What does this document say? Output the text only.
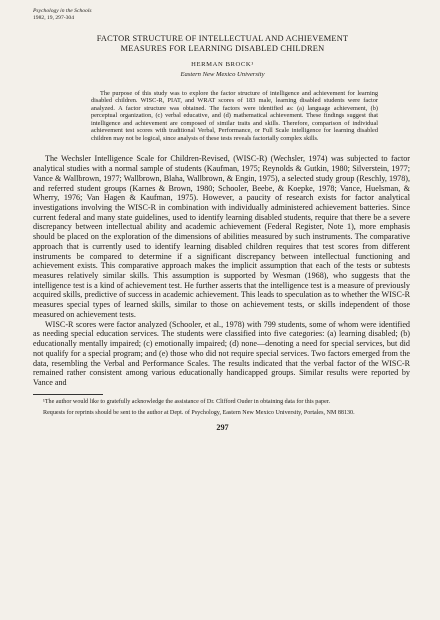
Psychology in the Schools
1982, 19, 297-304
FACTOR STRUCTURE OF INTELLECTUAL AND ACHIEVEMENT
MEASURES FOR LEARNING DISABLED CHILDREN
HERMAN BROCK¹
Eastern New Mexico University
The purpose of this study was to explore the factor structure of intelligence and achievement for learning disabled children. WISC-R, PIAT, and WRAT scores of 183 male, learning disabled students were factor analyzed. A factor structure was obtained. The factors were identified as: (a) language achievement, (b) perceptual organization, (c) verbal educative, and (d) mathematical achievement. These findings suggest that intelligence and achievement are composed of similar traits and skills. Therefore, comparison of individual achievement test scores with traditional Verbal, Performance, or Full Scale intelligence for learning disabled children may not be logical, since analysis of these tests reveals factorially complex skills.

The Wechsler Intelligence Scale for Children-Revised, (WISC-R) (Wechsler, 1974) was subjected to factor analytical studies with a normal sample of students (Kaufman, 1975; Reynolds & Gutkin, 1980; Silverstein, 1977; Vance & Wallbrown, 1977; Wallbrown, Blaha, Wallbrown, & Engin, 1975), a selected study group (Reschly, 1978), and referred student groups (Karnes & Brown, 1980; Schooler, Beebe, & Koepke, 1978; Vance, Huelsman, & Wherry, 1976; Van Hagen & Kaufman, 1975). However, a paucity of research exists for factor analytical investigations involving the WISC-R in combination with individually administered achievement batteries. Since current federal and many state guidelines, used to identify learning disabled students, require that there be a severe discrepancy between intellectual ability and academic achievement (Federal Register, Note 1), more emphasis should be placed on the exploration of the dimensions of abilities measured by such instruments. The comparative approach that is currently used to identify learning disabled children requires that test scores from different instruments be compared to determine if a significant discrepancy between intellectual functioning and achievement exists. This comparative approach makes the implicit assumption that each of the tests or subtests measures relatively similar skills. This assumption is supported by Wesman (1968), who suggests that the intelligence test is a kind of achievement test. He further asserts that the intelligence test is a measure of previously acquired skills, predictive of success in academic achievement. This leads to speculation as to whether the WISC-R measures special types of learned skills, similar to those on achievement tests, or skills independent of those measured on achievement tests.

WISC-R scores were factor analyzed (Schooler, et al., 1978) with 799 students, some of whom were identified as needing special education services. The students were classified into five categories: (a) learning disabled; (b) educationally mentally impaired; (c) emotionally impaired; (d) none—denoting a need for special services, but did not qualify for a special program; and (e) those who did not require special services. Two factors emerged from the data, resembling the Verbal and Performance Scales. The results indicated that the verbal factor of the WISC-R remained rather consistent among various educationally handicapped groups. Similar results were reported by Vance and

¹The author would like to gratefully acknowledge the assistance of Dr. Clifford Ouder in obtaining data for this paper.

Requests for reprints should be sent to the author at Dept. of Psychology, Eastern New Mexico University, Portales, NM 88130.

297
